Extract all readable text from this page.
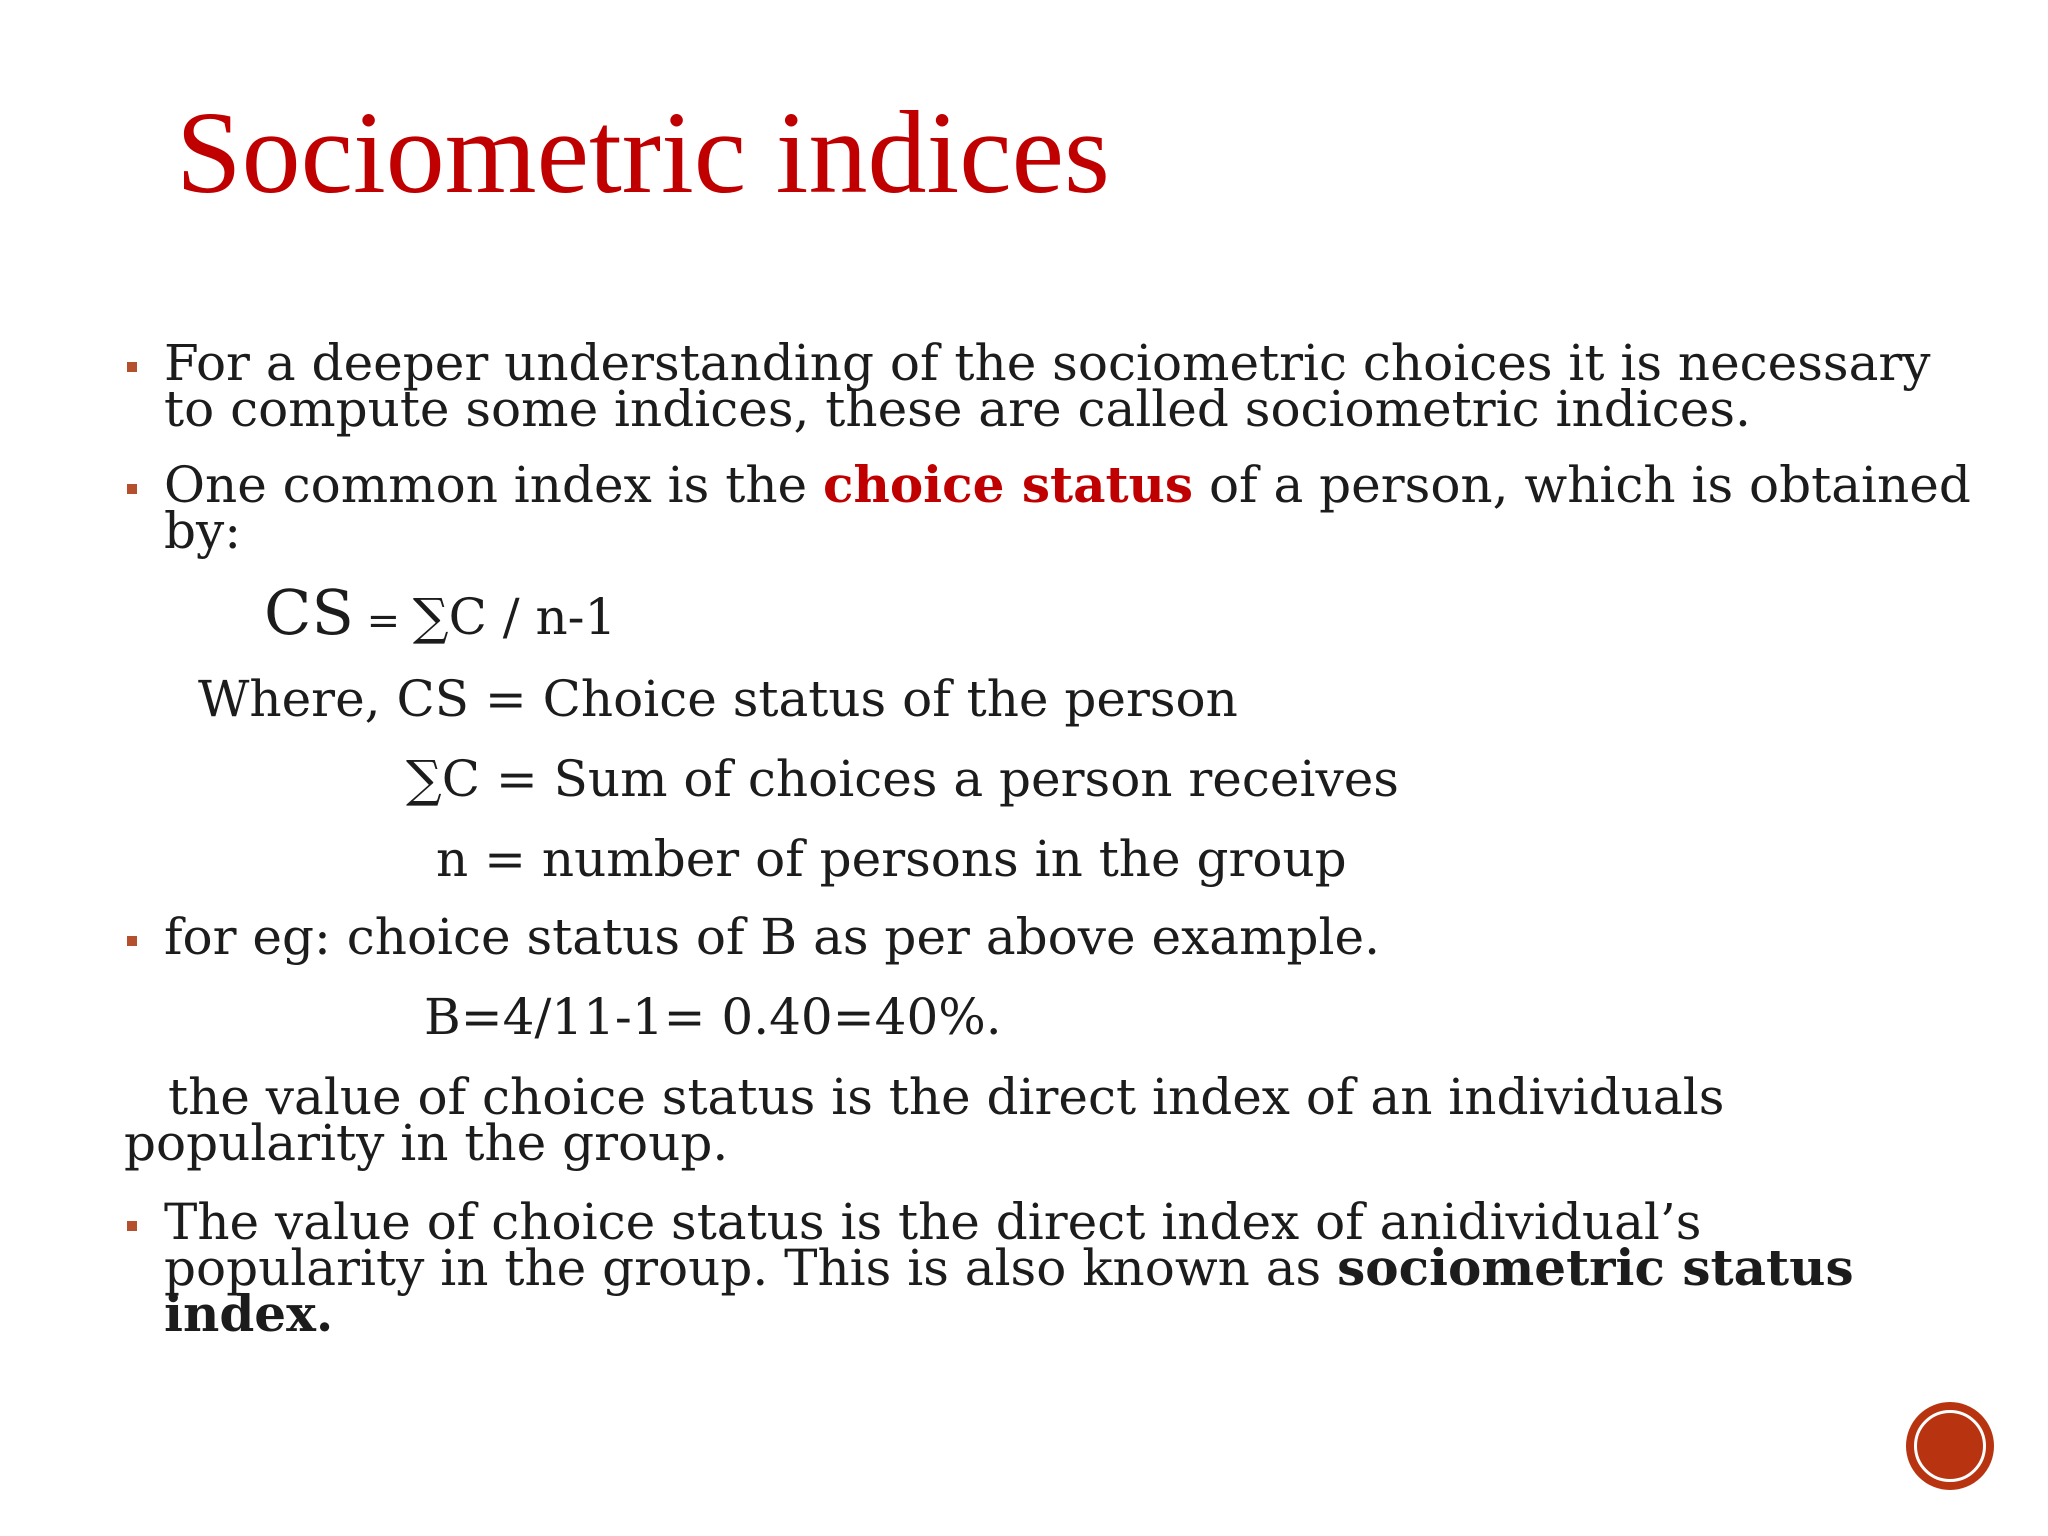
Sociometric indices

For a deeper understanding of the sociometric choices it is necessary

to compute some indices, these are called sociometric indices.

One common index is the choice status of a person, which is obtained

by:

CS = ∑C / n-1

Where, CS = Choice status of the person

∑C = Sum of choices a person receives

n = number of persons in the group

for eg: choice status of B as per above example.

B=4/11-1= 0.40=40%.

the value of choice status is the direct index of an individuals

popularity in the group.

The value of choice status is the direct index of anidividual’s

popularity in the group. This is also known as sociometric status

index.
